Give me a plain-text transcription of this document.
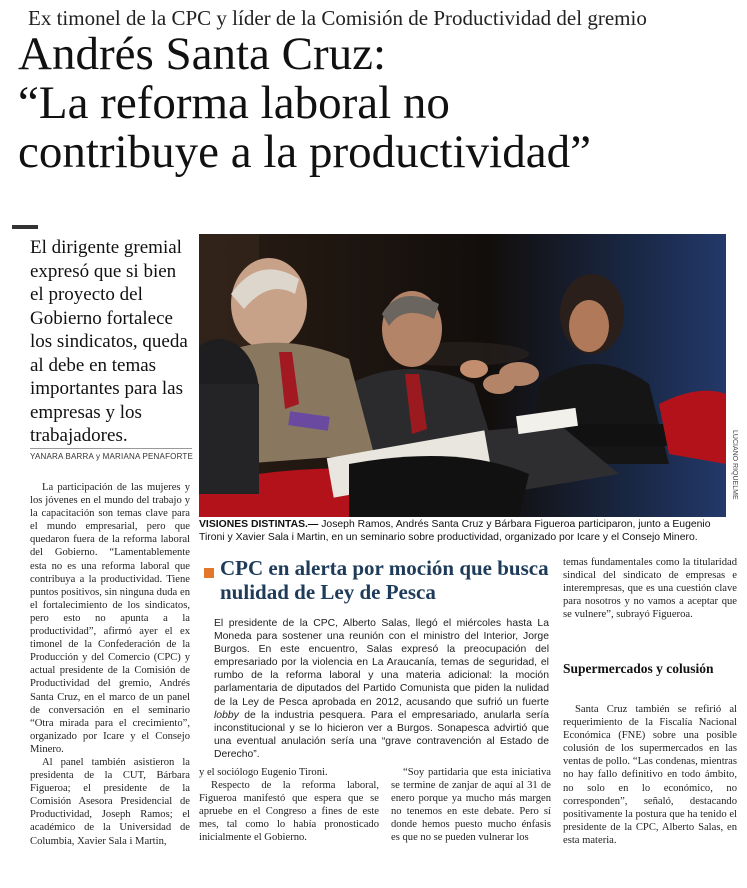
Ex timonel de la CPC y líder de la Comisión de Productividad del gremio
Andrés Santa Cruz:
“La reforma laboral no
contribuye a la productividad”
El dirigente gremial expresó que si bien el proyecto del Gobierno fortalece los sindicatos, queda al debe en temas importantes para las empresas y los trabajadores.
YANARA BARRA y MARIANA PENAFORTE	LUCIANO RIQUELME
VISIONES DISTINTAS.— Joseph Ramos, Andrés Santa Cruz y Bárbara Figueroa participaron, junto a Eugenio Tironi y Xavier Sala i Martin, en un seminario sobre productividad, organizado por Icare y el Consejo Minero.

La participación de las mujeres y los jóvenes en el mundo del trabajo y la capacitación son temas clave para el mundo empresarial, pero que quedaron fuera de la reforma laboral del Gobierno. “Lamentablemente esta no es una reforma laboral que contribuya a la productividad. Tiene puntos positivos, sin ninguna duda en el fortalecimiento de los sindicatos, pero esto no apunta a la productividad”, afirmó ayer el ex timonel de la Confederación de la Producción y del Comercio (CPC) y actual presidente de la Comisión de Productividad del gremio, Andrés Santa Cruz, en el marco de un panel de conversación en el seminario “Otra mirada para el crecimiento”, organizado por Icare y el Consejo Minero.

Al panel también asistieron la presidenta de la CUT, Bárbara Figueroa; el presidente de la Comisión Asesora Presidencial de Productividad, Joseph Ramos; el académico de la Universidad de Columbia, Xavier Sala i Martin,

CPC en alerta por moción que busca nulidad de Ley de Pesca
El presidente de la CPC, Alberto Salas, llegó el miércoles hasta La Moneda para sostener una reunión con el ministro del Interior, Jorge Burgos. En este encuentro, Salas expresó la preocupación del empresariado por la violencia en La Araucanía, temas de seguridad, el rumbo de la reforma laboral y una materia adicional: la moción parlamentaria de diputados del Partido Comunista que piden la nulidad de la Ley de Pesca aprobada en 2012, acusando que sufrió un fuerte lobby de la industria pesquera. Para el empresariado, anularla sería inconstitucional y se lo hicieron ver a Burgos. Sonapesca advirtió que una eventual anulación sería una “grave contravención al Estado de Derecho”.

temas fundamentales como la titularidad sindical del sindicato de empresas e interempresas, que es una cuestión clave para nosotros y no vamos a aceptar que se vulnere”, subrayó Figueroa.

Supermercados y colusión

Santa Cruz también se refirió al requerimiento de la Fiscalía Nacional Económica (FNE) sobre una posible colusión de los supermercados en las ventas de pollo. “Las condenas, mientras no hay fallo definitivo en todo ámbito, no solo en lo económico, no corresponden”, señaló, destacando positivamente la postura que ha tenido el presidente de la CPC, Alberto Salas, en esta materia.

y el sociólogo Eugenio Tironi.

Respecto de la reforma laboral, Figueroa manifestó que espera que se apruebe en el Congreso a fines de este mes, tal como lo había pronosticado inicialmente el Gobierno.

“Soy partidaria que esta iniciativa se termine de zanjar de aquí al 31 de enero porque ya mucho más margen no tenemos en este debate. Pero sí donde hemos puesto mucho énfasis es que no se pueden vulnerar los
